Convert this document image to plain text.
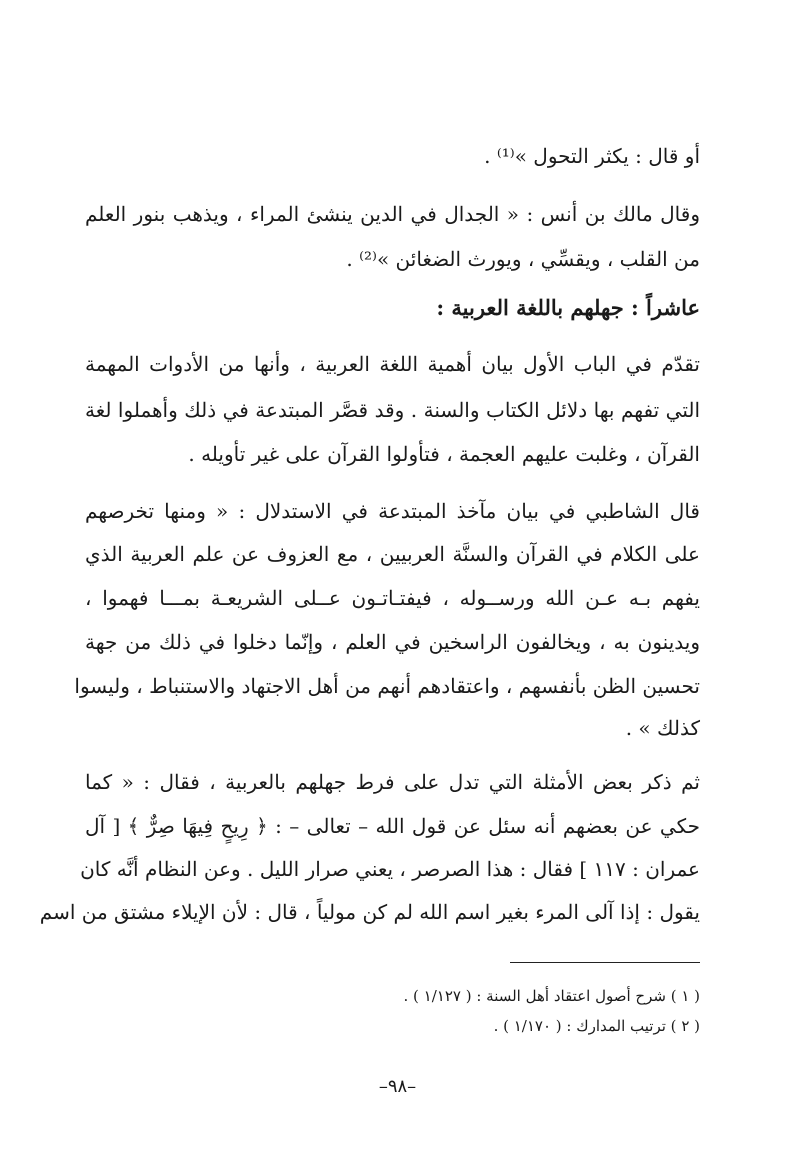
أو قال : يكثر التحول »⁽¹⁾ .
وقال مالك بن أنس : « الجدال في الدين ينشئ المراء ، ويذهب بنور العلم
من القلب ، ويقسِّي ، ويورث الضغائن »⁽²⁾ .
عاشراً : جهلهم باللغة العربية :
تقدّم في الباب الأول بيان أهمية اللغة العربية ، وأنها من الأدوات المهمة
التي تفهم بها دلائل الكتاب والسنة . وقد قصَّر المبتدعة في ذلك وأهملوا لغة
القرآن ، وغلبت عليهم العجمة ، فتأولوا القرآن على غير تأويله .
قال الشاطبي في بيان مآخذ المبتدعة في الاستدلال : « ومنها تخرصهم
على الكلام في القرآن والسنَّة العربيين ، مع العزوف عن علم العربية الذي
يفهم بـه عـن الله ورســوله ، فيفتـاتـون عــلى الشريعـة بمـــا فهموا ،
ويدينون به ، ويخالفون الراسخين في العلم ، وإنّما دخلوا في ذلك من جهة
تحسين الظن بأنفسهم ، واعتقادهم أنهم من أهل الاجتهاد والاستنباط ، وليسوا
كذلك » .
ثم ذكر بعض الأمثلة التي تدل على فرط جهلهم بالعربية ، فقال : « كما
حكي عن بعضهم أنه سئل عن قول الله – تعالى – : ﴿ رِيحٍ فِيهَا صِرٌّ ﴾ [ آل
عمران : ١١٧ ] فقال : هذا الصرصر ، يعني صرار الليل . وعن النظام أنَّه كان
يقول : إذا آلى المرء بغير اسم الله لم كن مولياً ، قال : لأن الإيلاء مشتق من اسم
( ١ ) شرح أصول اعتقاد أهل السنة : ( ١/١٢٧ ) .
( ٢ ) ترتيب المدارك : ( ١/١٧٠ ) .
–٩٨–
